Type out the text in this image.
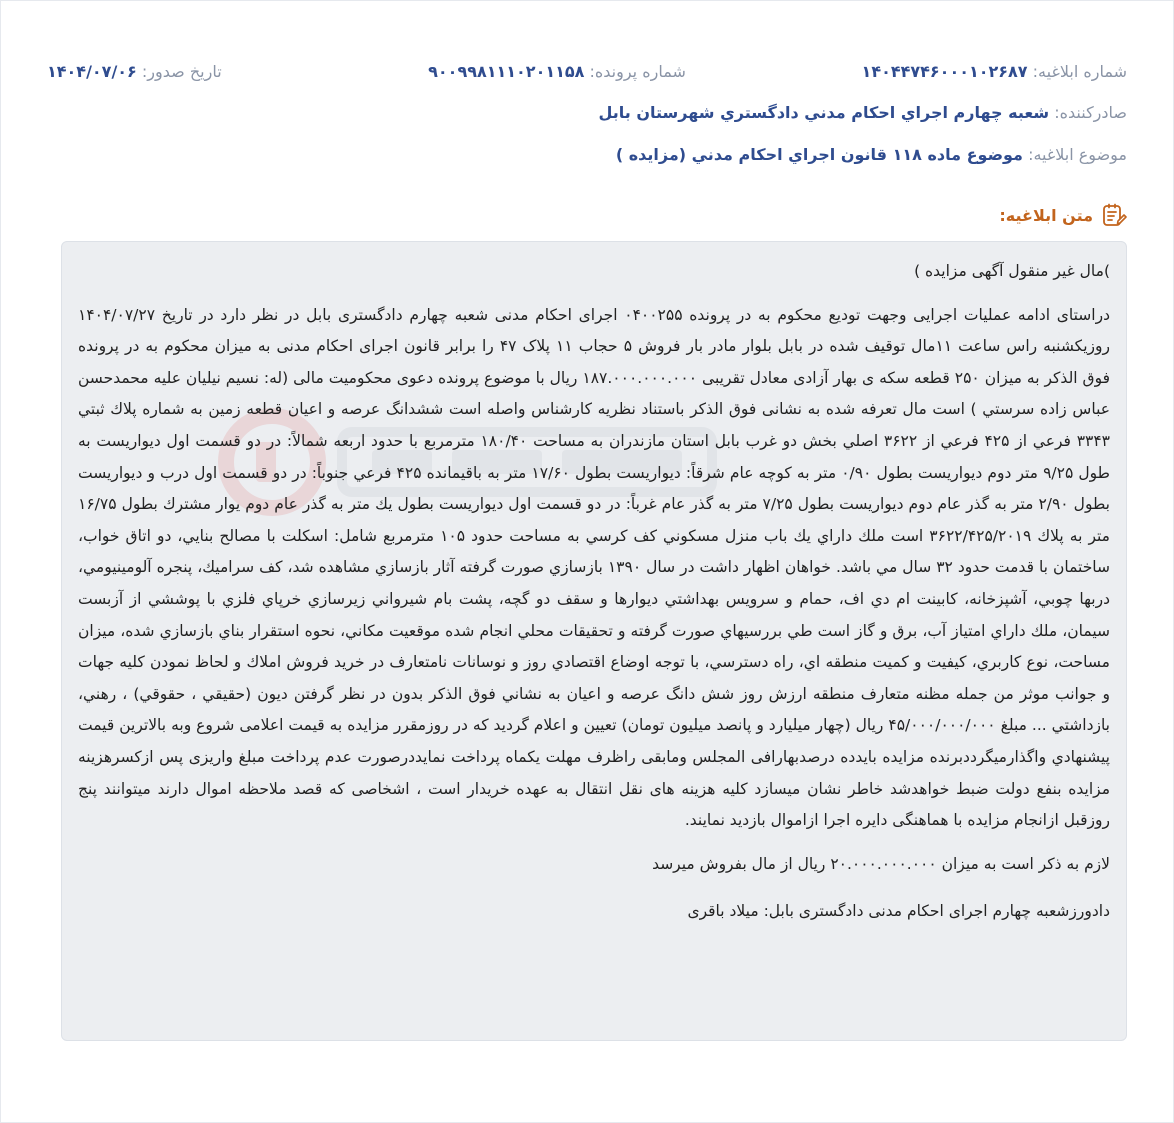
شماره ابلاغیه: ۱۴۰۴۴۷۴۶۰۰۰۱۰۲۶۸۷
شماره پرونده: ۹۰۰۹۹۸۱۱۱۰۲۰۱۱۵۸
تاریخ صدور: ۱۴۰۴/۰۷/۰۶
صادرکننده: شعبه چهارم اجراي احكام مدني دادگستري شهرستان بابل
موضوع ابلاغیه: موضوع ماده ۱۱۸ قانون اجراي احكام مدني (مزايده )
متن ابلاغیه:

)مال غير منقول آگهی مزایده )

دراستای ادامه عملیات اجرایی وجهت تودیع محکوم به در پرونده ۰۴۰۰۲۵۵ اجرای احکام مدنی شعبه چهارم دادگستری بابل در نظر دارد در تاریخ ۱۴۰۴/۰۷/۲۷ روزیکشنبه راس ساعت ۱۱مال توقیف شده در بابل بلوار مادر بار فروش ۵ حجاب ۱۱ پلاک ۴۷ را برابر قانون اجرای احکام مدنی به میزان محکوم به در پرونده فوق الذکر به میزان ۲۵۰ قطعه سکه ی بهار آزادی معادل تقریبی ۱۸۷.۰۰۰.۰۰۰.۰۰۰ ریال با موضوع پرونده دعوی محکومیت مالی (له: نسیم نیلیان علیه محمدحسن عباس زاده سرستي ) است مال تعرفه شده به نشانی فوق الذکر باستناد نظريه كارشناس واصله است ششدانگ عرصه و اعيان قطعه زمين به شماره پلاك ثبتي ۳۳۴۳ فرعي از ۴۲۵ فرعي از ۳۶۲۲ اصلي بخش دو غرب بابل استان مازندران به مساحت ۱۸۰/۴۰ مترمربع با حدود اربعه شمالاً: در دو قسمت اول ديواريست به طول ۹/۲۵ متر دوم ديواريست بطول ۰/۹۰ متر به كوچه عام شرقاً: ديواريست بطول ۱۷/۶۰ متر به باقيمانده ۴۲۵ فرعي جنوباً: در دو قسمت اول درب و ديواريست بطول ۲/۹۰ متر به گذر عام دوم ديواريست بطول ۷/۲۵ متر به گذر عام غرباً: در دو قسمت اول ديواريست بطول يك متر به گذر عام دوم يوار مشترك بطول ۱۶/۷۵ متر به پلاك ۳۶۲۲/۴۲۵/۲۰۱۹ است ملك داراي يك باب منزل مسكوني كف كرسي به مساحت حدود ۱۰۵ مترمربع شامل: اسكلت با مصالح بنايي، دو اتاق خواب، ساختمان با قدمت حدود ۳۲ سال مي باشد. خواهان اظهار داشت در سال ۱۳۹۰ بازسازي صورت گرفته آثار بازسازي مشاهده شد، كف سراميك، پنجره آلومينيومي، دربها چوبي، آشپزخانه، كابينت ام دي اف، حمام و سرويس بهداشتي ديوارها و سقف دو گچه، پشت بام شيرواني زيرسازي خرپاي فلزي با پوششي از آزبست سيمان، ملك داراي امتياز آب، برق و گاز است طي بررسيهاي صورت گرفته و تحقيقات محلي انجام شده موقعيت مكاني، نحوه استقرار بناي بازسازي شده، ميزان مساحت، نوع كاربري، كيفيت و كميت منطقه اي، راه دسترسي، با توجه اوضاع اقتصادي روز و نوسانات نامتعارف در خريد فروش املاك و لحاظ نمودن كليه جهات و جوانب موثر من جمله مظنه متعارف منطقه ارزش روز شش دانگ عرصه و اعيان به نشاني فوق الذكر بدون در نظر گرفتن ديون (حقيقي ، حقوقي) ، رهني، بازداشتي ... مبلغ ۴۵/۰۰۰/۰۰۰/۰۰۰ ريال (چهار ميليارد و پانصد ميليون تومان) تعيين و اعلام گرديد كه در روزمقرر مزايده به قيمت اعلامی شروع وبه بالاترين قيمت پيشنهادي واگذارميگرددبرنده مزايده بايدده درصدبهارافی المجلس ومابقی راظرف مهلت یکماه پرداخت نمایددرصورت عدم پرداخت مبلغ واریزی پس ازکسرهزینه مزایده بنفع دولت ضبط خواهدشد خاطر نشان میسازد کلیه هزینه های نقل انتقال به عهده خریدار است ، اشخاصی که قصد ملاحظه اموال دارند میتوانند پنج روزقبل ازانجام مزایده با هماهنگی دایره اجرا ازاموال بازدید نمایند.

لازم به ذکر است به میزان ۲۰.۰۰۰.۰۰۰.۰۰۰ ریال از مال بفروش میرسد

دادورزشعبه چهارم اجرای احکام مدنی دادگستری بابل: میلاد باقری
